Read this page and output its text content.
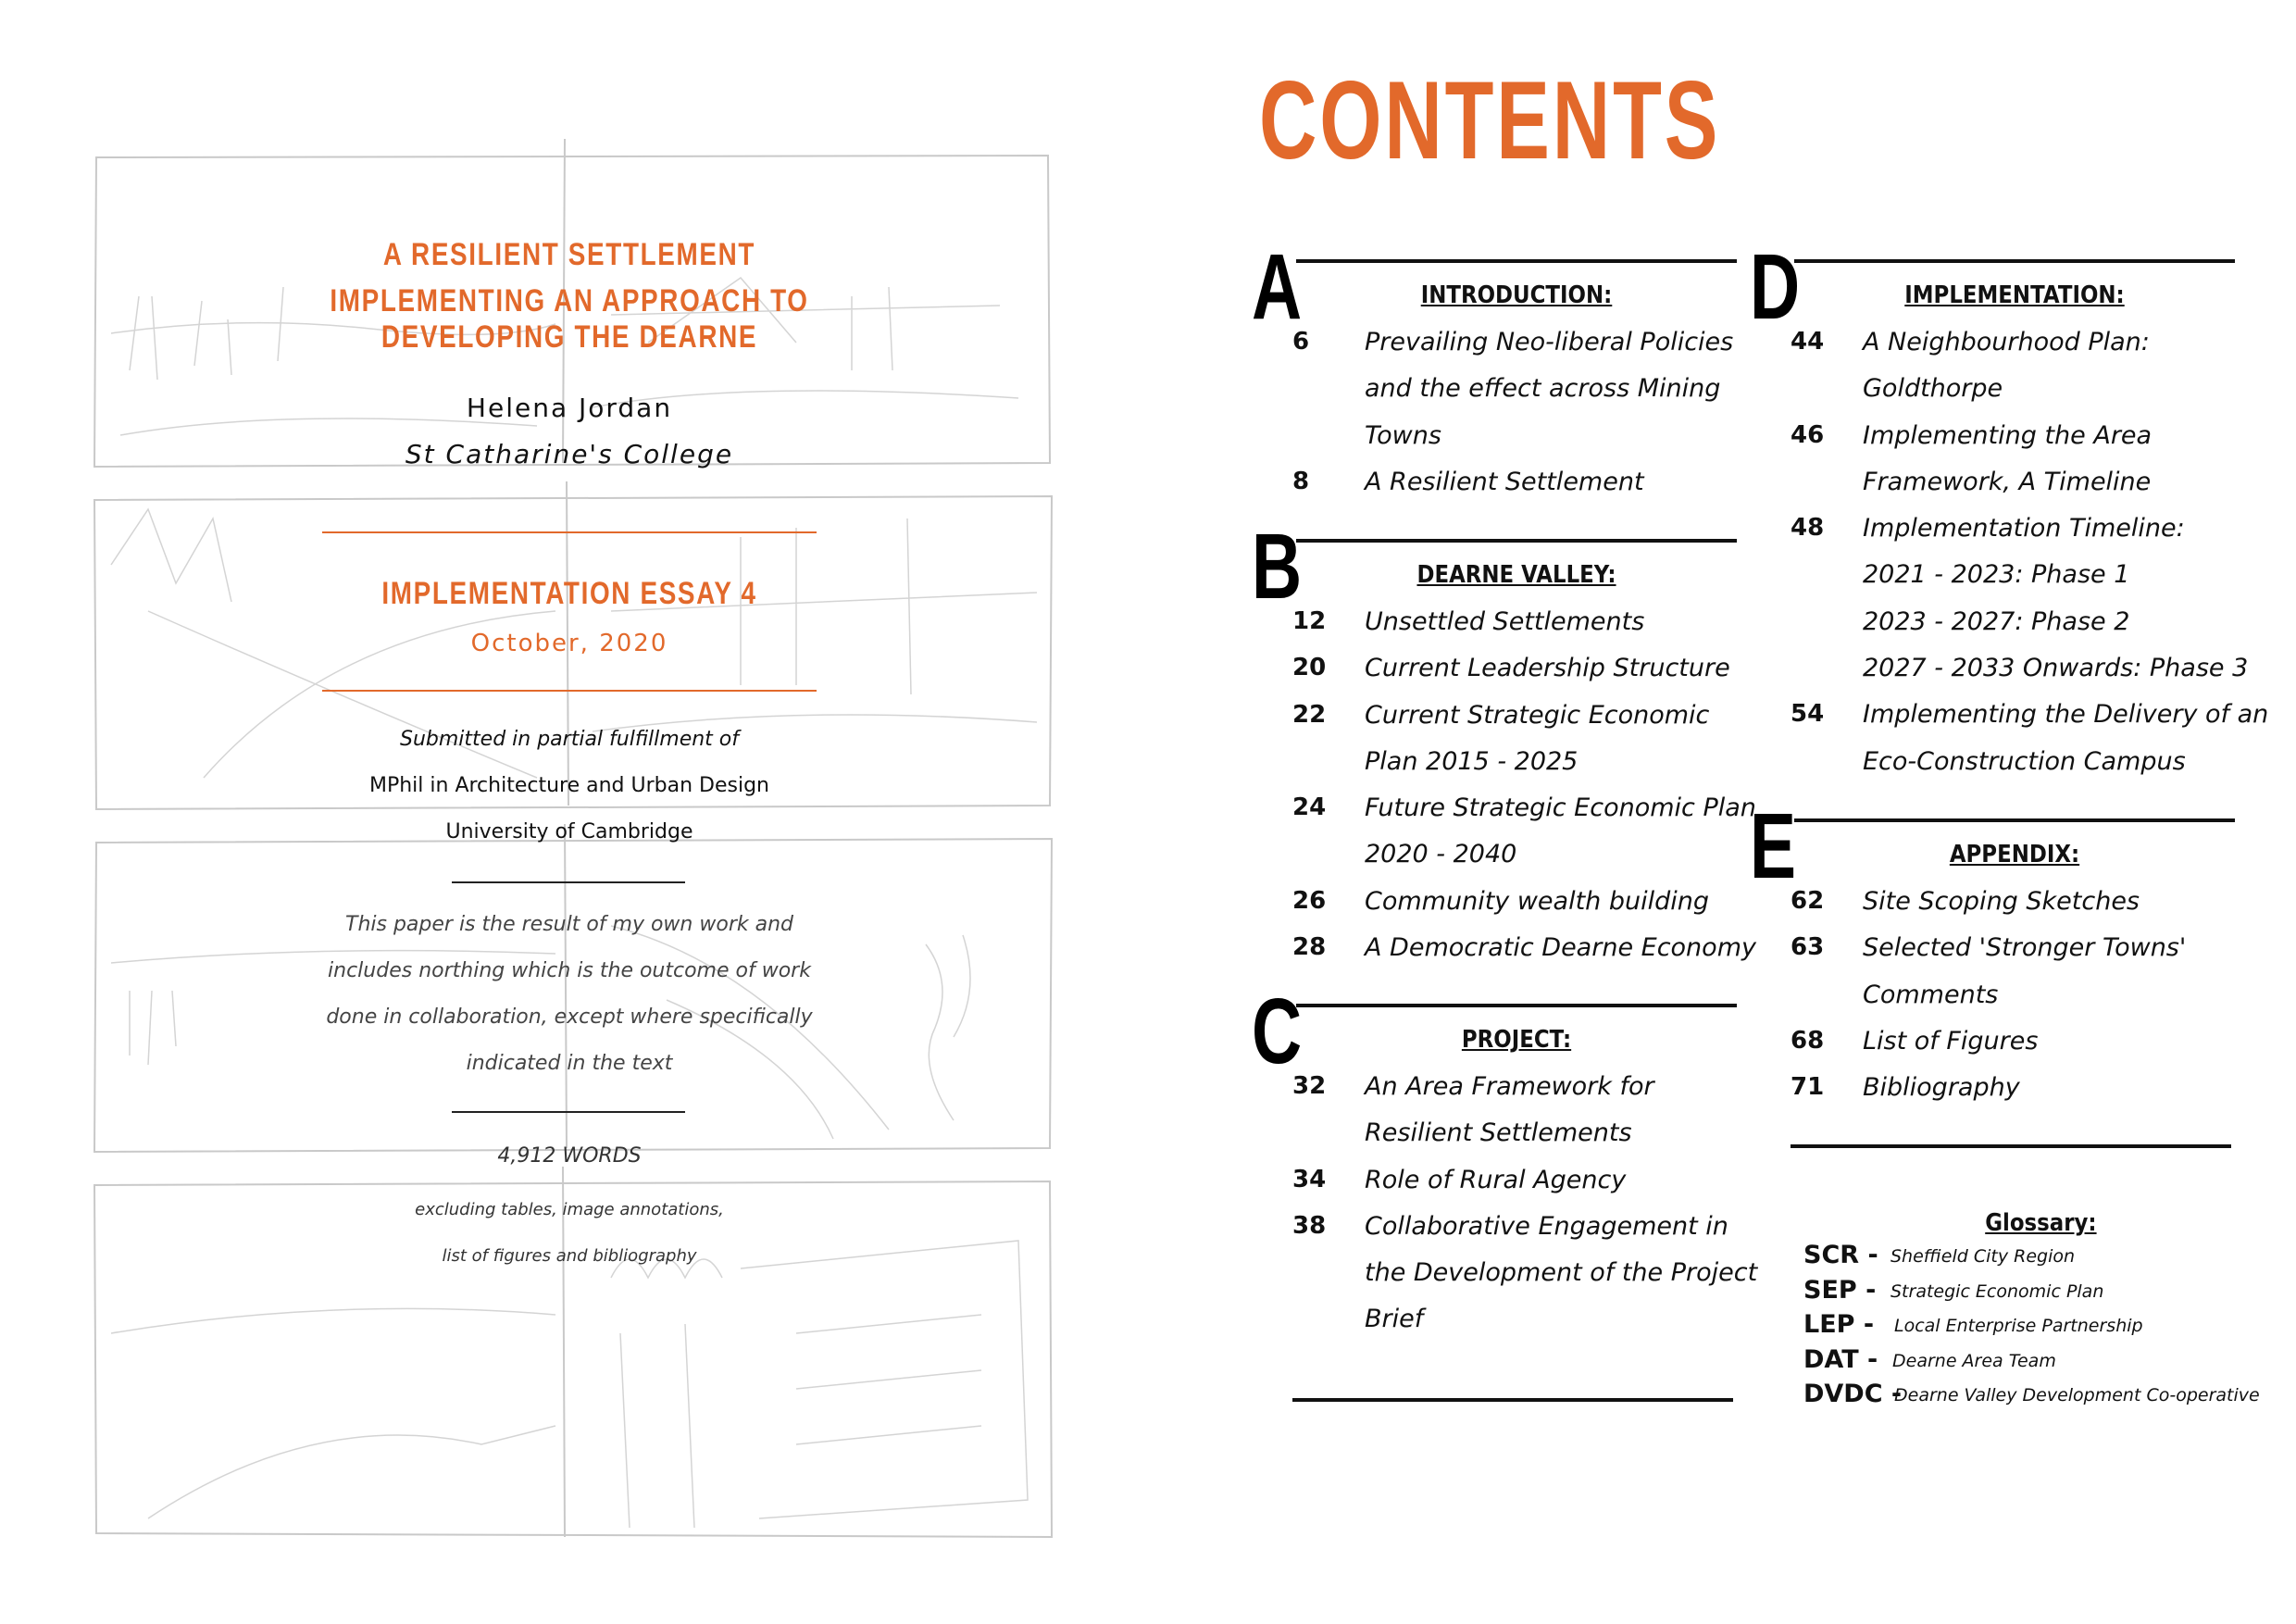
A RESILIENT SETTLEMENT
IMPLEMENTING AN APPROACH TO DEVELOPING THE DEARNE
Helena Jordan
St Catharine's College
IMPLEMENTATION ESSAY 4
October, 2020
Submitted in partial fulfillment of
MPhil in Architecture and Urban Design
University of Cambridge
This paper is the result of my own work and
includes northing which is the outcome of work
done in collaboration, except where specifically
indicated in the text
4,912 WORDS
excluding tables, image annotations,
list of figures and bibliography
CONTENTS
A	INTRODUCTION:
6 Prevailing Neo-liberal Policies
and the effect across Mining
Towns
8 A Resilient Settlement
B	DEARNE VALLEY:
12 Unsettled Settlements
20 Current Leadership Structure
22 Current Strategic Economic
Plan 2015 - 2025
24 Future Strategic Economic Plan
2020 - 2040
26 Community wealth building
28 A Democratic Dearne Economy
C	PROJECT:
32 An Area Framework for
Resilient Settlements
34 Role of Rural Agency
38 Collaborative Engagement in
the Development of the Project
Brief
D	IMPLEMENTATION:
44 A Neighbourhood Plan:
Goldthorpe
46 Implementing the Area
Framework, A Timeline
48 Implementation Timeline:
2021 - 2023: Phase 1
2023 - 2027: Phase 2
2027 - 2033 Onwards: Phase 3
54 Implementing the Delivery of an
Eco-Construction Campus
E	APPENDIX:
62 Site Scoping Sketches
63 Selected 'Stronger Towns'
Comments
68 List of Figures
71 Bibliography
Glossary:
SCR - Sheffield City Region
SEP - Strategic Economic Plan
LEP - Local Enterprise Partnership
DAT - Dearne Area Team
DVDC -
Dearne Valley Development Co-operative
